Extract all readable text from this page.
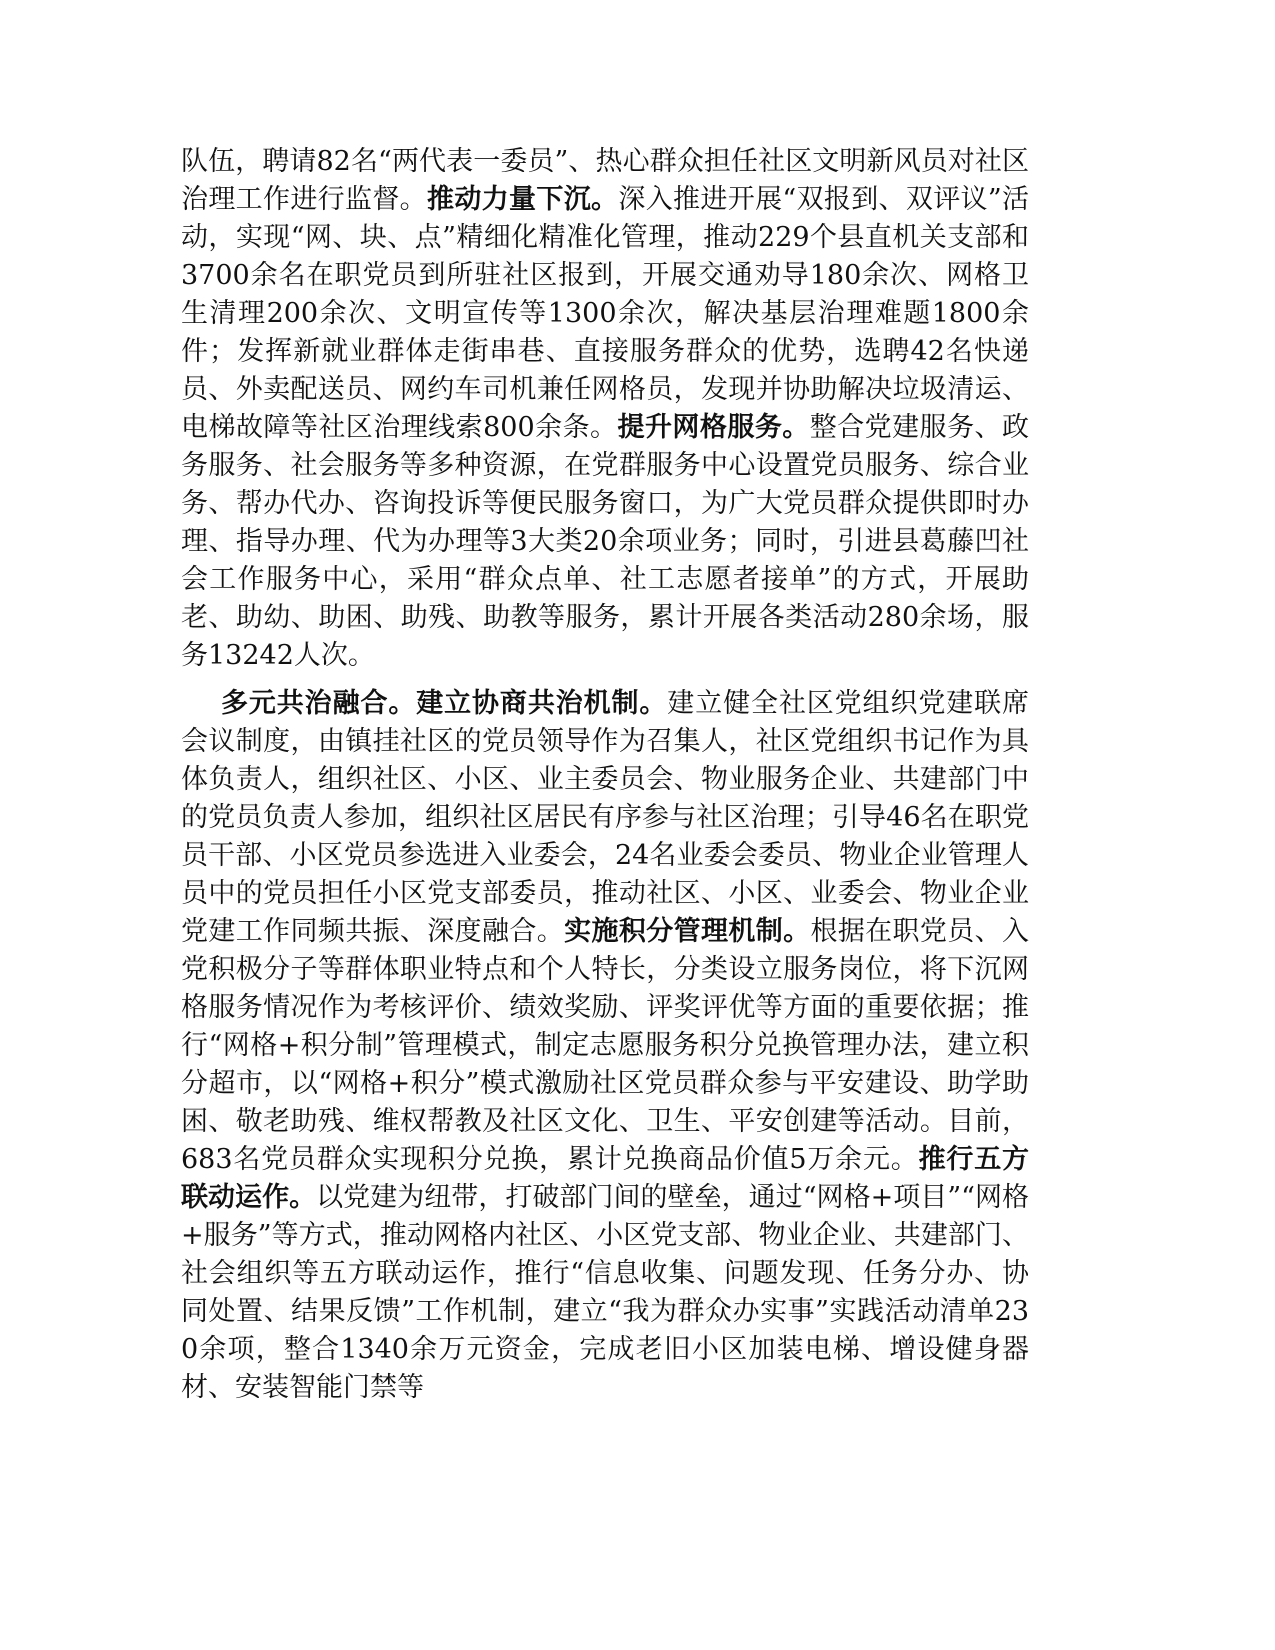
队伍，聘请82名“两代表一委员”、热心群众担任社区文明新风员对社区治理工作进行监督。推动力量下沉。深入推进开展“双报到、双评议”活动，实现“网、块、点”精细化精准化管理，推动229个县直机关支部和3700余名在职党员到所驻社区报到，开展交通劝导180余次、网格卫生清理200余次、文明宣传等1300余次，解决基层治理难题1800余件；发挥新就业群体走街串巷、直接服务群众的优势，选聘42名快递员、外卖配送员、网约车司机兼任网格员，发现并协助解决垃圾清运、电梯故障等社区治理线索800余条。提升网格服务。整合党建服务、政务服务、社会服务等多种资源，在党群服务中心设置党员服务、综合业务、帮办代办、咨询投诉等便民服务窗口，为广大党员群众提供即时办理、指导办理、代为办理等3大类20余项业务；同时，引进县葛藤凹社会工作服务中心，采用“群众点单、社工志愿者接单”的方式，开展助老、助幼、助困、助残、助教等服务，累计开展各类活动280余场，服务13242人次。

多元共治融合。建立协商共治机制。建立健全社区党组织党建联席会议制度，由镇挂社区的党员领导作为召集人，社区党组织书记作为具体负责人，组织社区、小区、业主委员会、物业服务企业、共建部门中的党员负责人参加，组织社区居民有序参与社区治理；引导46名在职党员干部、小区党员参选进入业委会，24名业委会委员、物业企业管理人员中的党员担任小区党支部委员，推动社区、小区、业委会、物业企业党建工作同频共振、深度融合。实施积分管理机制。根据在职党员、入党积极分子等群体职业特点和个人特长，分类设立服务岗位，将下沉网格服务情况作为考核评价、绩效奖励、评奖评优等方面的重要依据；推行“网格+积分制”管理模式，制定志愿服务积分兑换管理办法，建立积分超市，以“网格+积分”模式激励社区党员群众参与平安建设、助学助困、敬老助残、维权帮教及社区文化、卫生、平安创建等活动。目前，683名党员群众实现积分兑换，累计兑换商品价值5万余元。推行五方联动运作。以党建为纽带，打破部门间的壁垒，通过“网格+项目”“网格+服务”等方式，推动网格内社区、小区党支部、物业企业、共建部门、社会组织等五方联动运作，推行“信息收集、问题发现、任务分办、协同处置、结果反馈”工作机制，建立“我为群众办实事”实践活动清单230余项，整合1340余万元资金，完成老旧小区加装电梯、增设健身器材、安装智能门禁等
